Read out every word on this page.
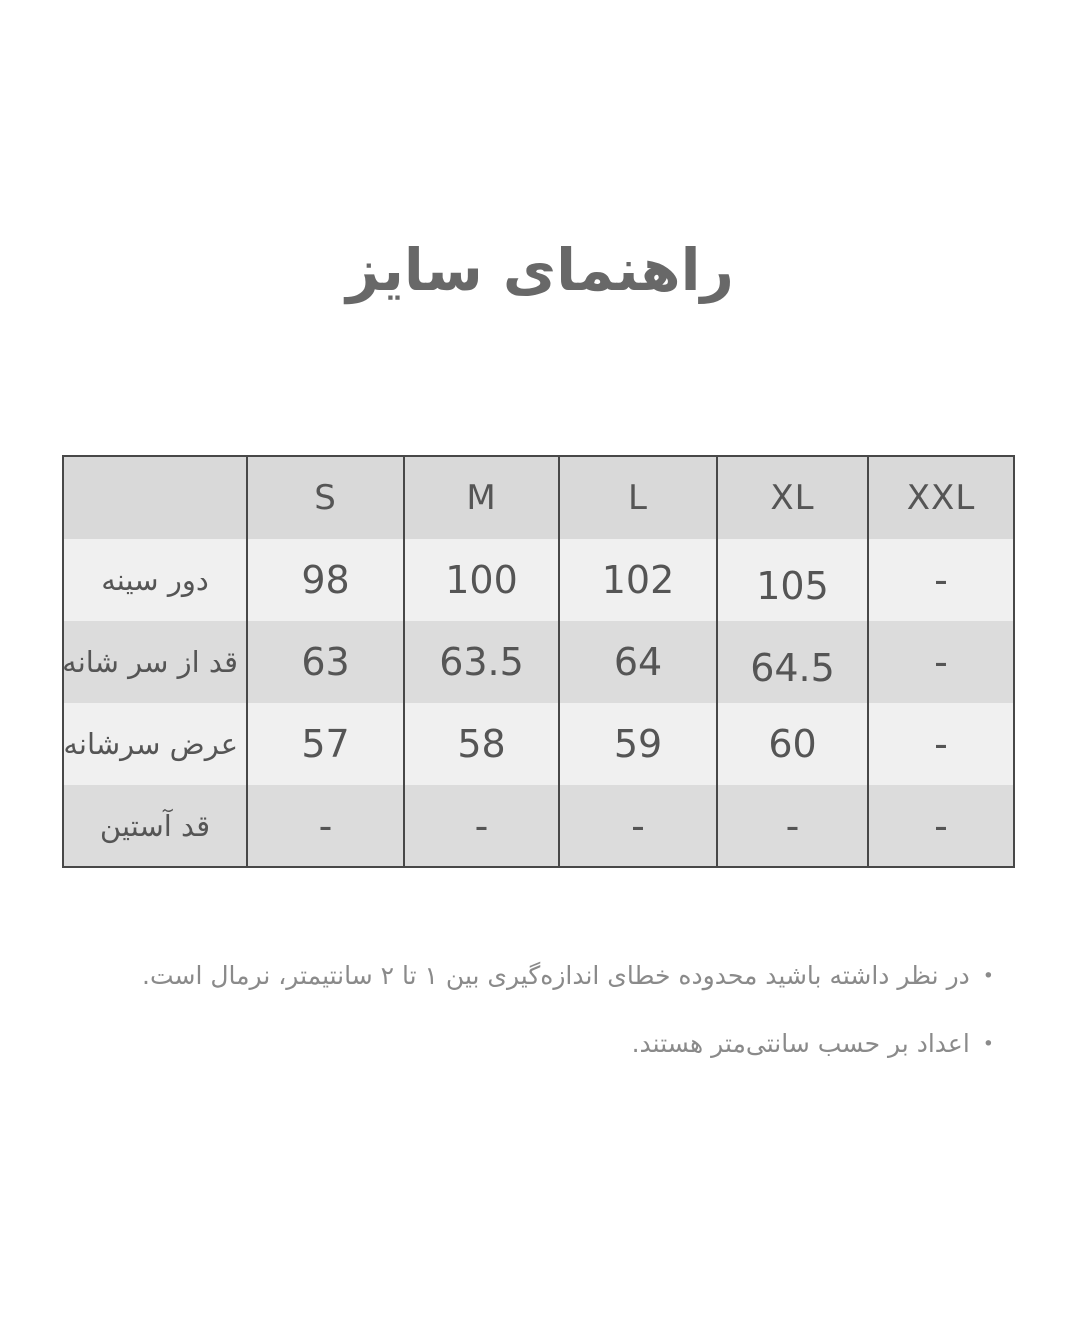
راهنمای سایز
	S	M	L	XL	XXL
دور سینه	98	100	102	105	-
قد از سر شانه	63	63.5	64	64.5	-
عرض سرشانه	57	58	59	60	-
قد آستین	-	-	-	-	-
•در نظر داشته باشید محدوده خطای اندازه‌گیری بین ۱ تا ۲ سانتیمتر، نرمال است.
•اعداد بر حسب سانتی‌متر هستند.
